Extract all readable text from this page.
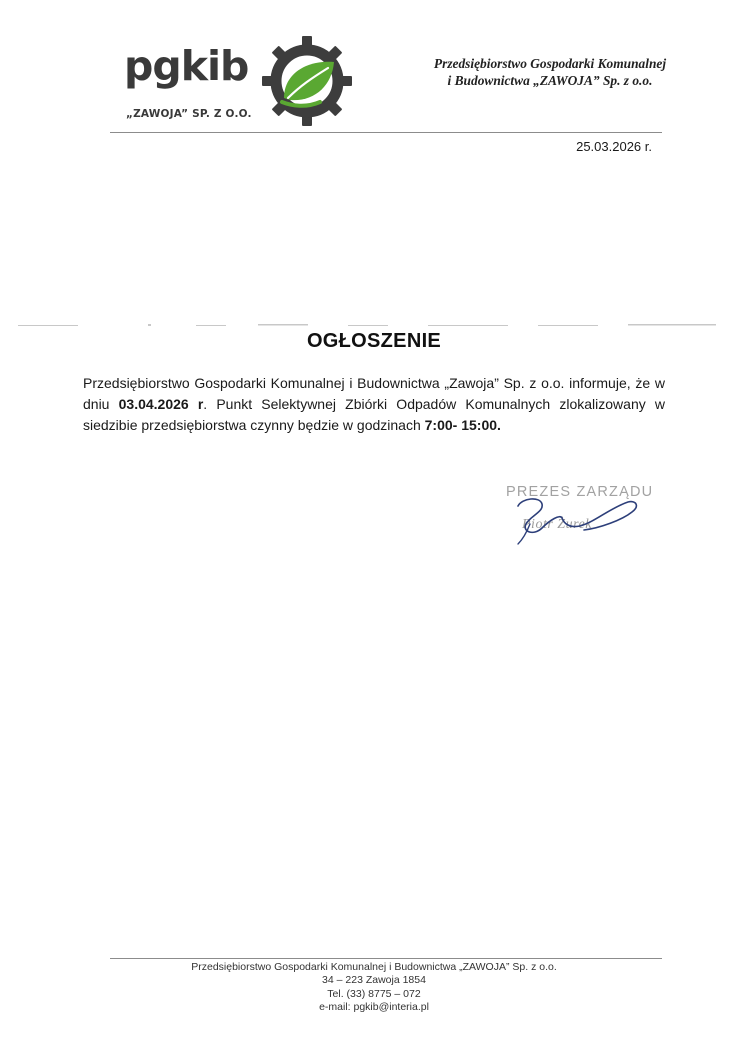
pgkib
„ZAWOJA” SP. Z O.O.
Przedsiębiorstwo Gospodarki Komunalnej
i Budownictwa „ZAWOJA” Sp. z o.o.
25.03.2026 r.
OGŁOSZENIE
Przedsiębiorstwo Gospodarki Komunalnej i Budownictwa „Zawoja” Sp. z o.o. informuje, że w dniu 03.04.2026 r. Punkt Selektywnej Zbiórki Odpadów Komunalnych zlokalizowany w siedzibie przedsiębiorstwa czynny będzie w godzinach 7:00- 15:00.
PREZES ZARZĄDU
Piotr Żurek
Przedsiębiorstwo Gospodarki Komunalnej i Budownictwa „ZAWOJA” Sp. z o.o.
34 – 223 Zawoja 1854
Tel. (33) 8775 – 072
e-mail: pgkib@interia.pl
